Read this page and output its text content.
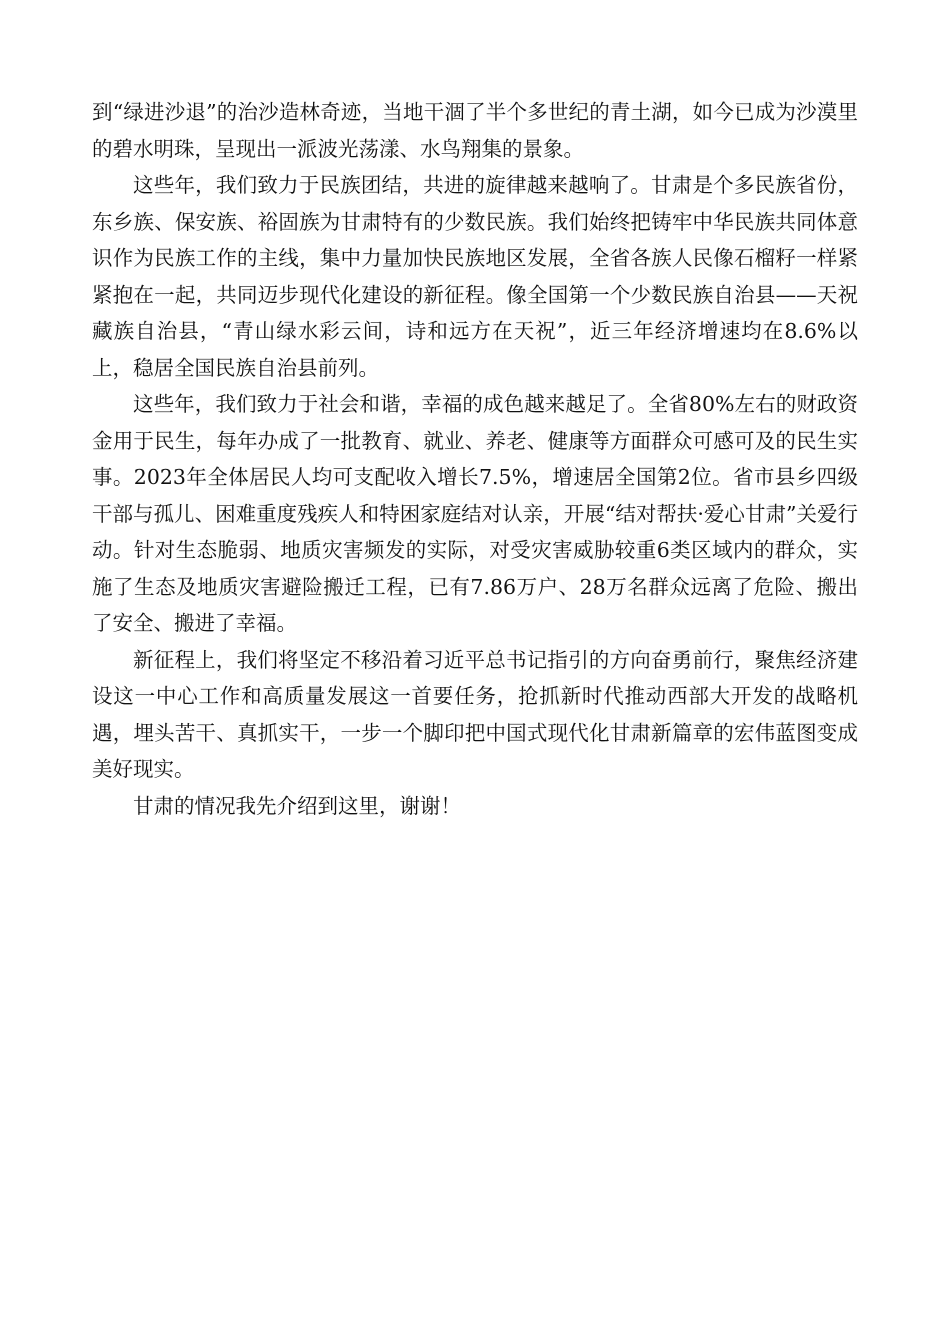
到“绿进沙退”的治沙造林奇迹，当地干涸了半个多世纪的青土湖，如今已成为沙漠里的碧水明珠，呈现出一派波光荡漾、水鸟翔集的景象。

这些年，我们致力于民族团结，共进的旋律越来越响了。甘肃是个多民族省份，东乡族、保安族、裕固族为甘肃特有的少数民族。我们始终把铸牢中华民族共同体意识作为民族工作的主线，集中力量加快民族地区发展，全省各族人民像石榴籽一样紧紧抱在一起，共同迈步现代化建设的新征程。像全国第一个少数民族自治县——天祝藏族自治县，“青山绿水彩云间，诗和远方在天祝”，近三年经济增速均在8.6%以上，稳居全国民族自治县前列。

这些年，我们致力于社会和谐，幸福的成色越来越足了。全省80%左右的财政资金用于民生，每年办成了一批教育、就业、养老、健康等方面群众可感可及的民生实事。2023年全体居民人均可支配收入增长7.5%，增速居全国第2位。省市县乡四级干部与孤儿、困难重度残疾人和特困家庭结对认亲，开展“结对帮扶·爱心甘肃”关爱行动。针对生态脆弱、地质灾害频发的实际，对受灾害威胁较重6类区域内的群众，实施了生态及地质灾害避险搬迁工程，已有7.86万户、28万名群众远离了危险、搬出了安全、搬进了幸福。

新征程上，我们将坚定不移沿着习近平总书记指引的方向奋勇前行，聚焦经济建设这一中心工作和高质量发展这一首要任务，抢抓新时代推动西部大开发的战略机遇，埋头苦干、真抓实干，一步一个脚印把中国式现代化甘肃新篇章的宏伟蓝图变成美好现实。

甘肃的情况我先介绍到这里，谢谢！
